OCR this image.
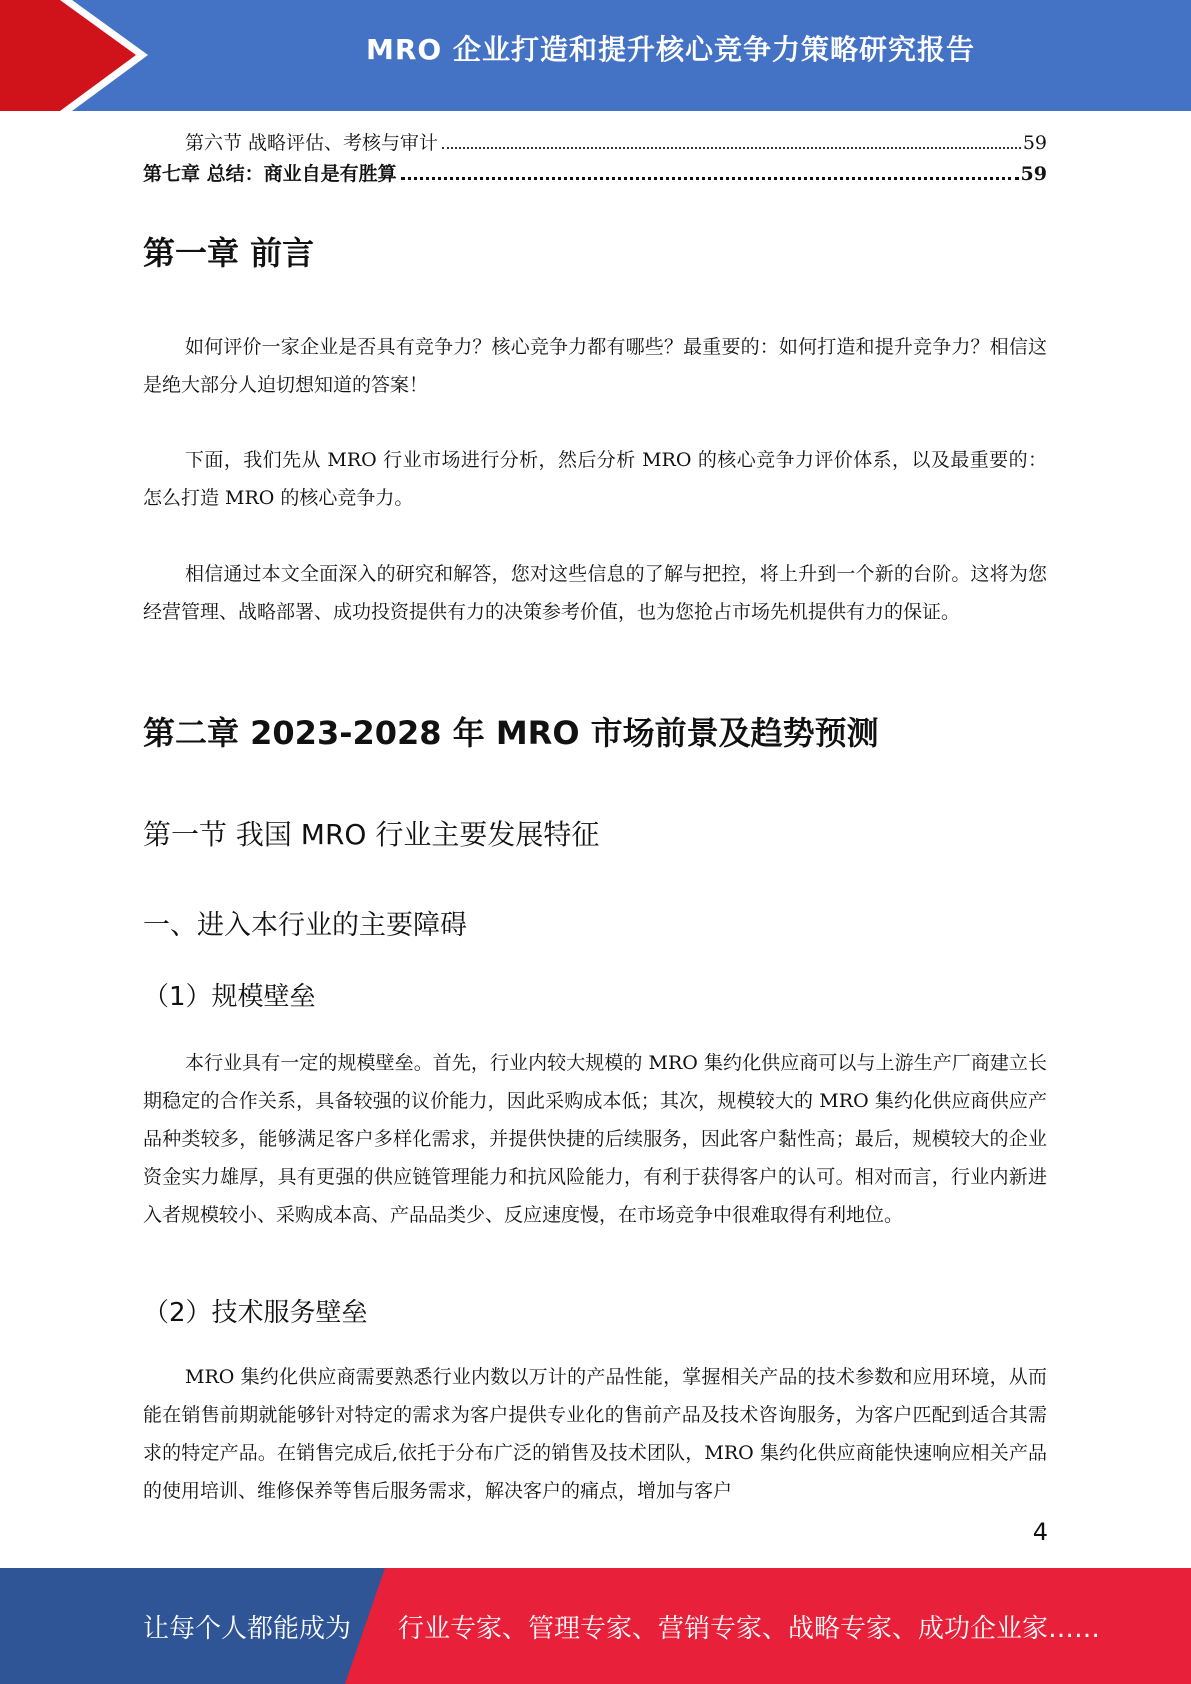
MRO 企业打造和提升核心竞争力策略研究报告
第六节 战略评估、考核与审计	59
第七章 总结：商业自是有胜算	59
第一章 前言

如何评价一家企业是否具有竞争力？核心竞争力都有哪些？最重要的：如何打造和提升竞争力？相信这是绝大部分人迫切想知道的答案！

下面，我们先从 MRO 行业市场进行分析，然后分析 MRO 的核心竞争力评价体系，以及最重要的：怎么打造 MRO 的核心竞争力。

相信通过本文全面深入的研究和解答，您对这些信息的了解与把控，将上升到一个新的台阶。这将为您经营管理、战略部署、成功投资提供有力的决策参考价值，也为您抢占市场先机提供有力的保证。

第二章 2023-2028 年 MRO 市场前景及趋势预测
第一节 我国 MRO 行业主要发展特征
一、进入本行业的主要障碍
（1）规模壁垒

本行业具有一定的规模壁垒。首先，行业内较大规模的 MRO 集约化供应商可以与上游生产厂商建立长期稳定的合作关系，具备较强的议价能力，因此采购成本低；其次，规模较大的 MRO 集约化供应商供应产品种类较多，能够满足客户多样化需求，并提供快捷的后续服务，因此客户黏性高；最后，规模较大的企业资金实力雄厚，具有更强的供应链管理能力和抗风险能力，有利于获得客户的认可。相对而言，行业内新进入者规模较小、采购成本高、产品品类少、反应速度慢，在市场竞争中很难取得有利地位。

（2）技术服务壁垒

MRO 集约化供应商需要熟悉行业内数以万计的产品性能，掌握相关产品的技术参数和应用环境，从而能在销售前期就能够针对特定的需求为客户提供专业化的售前产品及技术咨询服务，为客户匹配到适合其需求的特定产品。在销售完成后,依托于分布广泛的销售及技术团队，MRO 集约化供应商能快速响应相关产品的使用培训、维修保养等售后服务需求，解决客户的痛点，增加与客户

4
让每个人都能成为 行业专家、管理专家、营销专家、战略专家、成功企业家……
